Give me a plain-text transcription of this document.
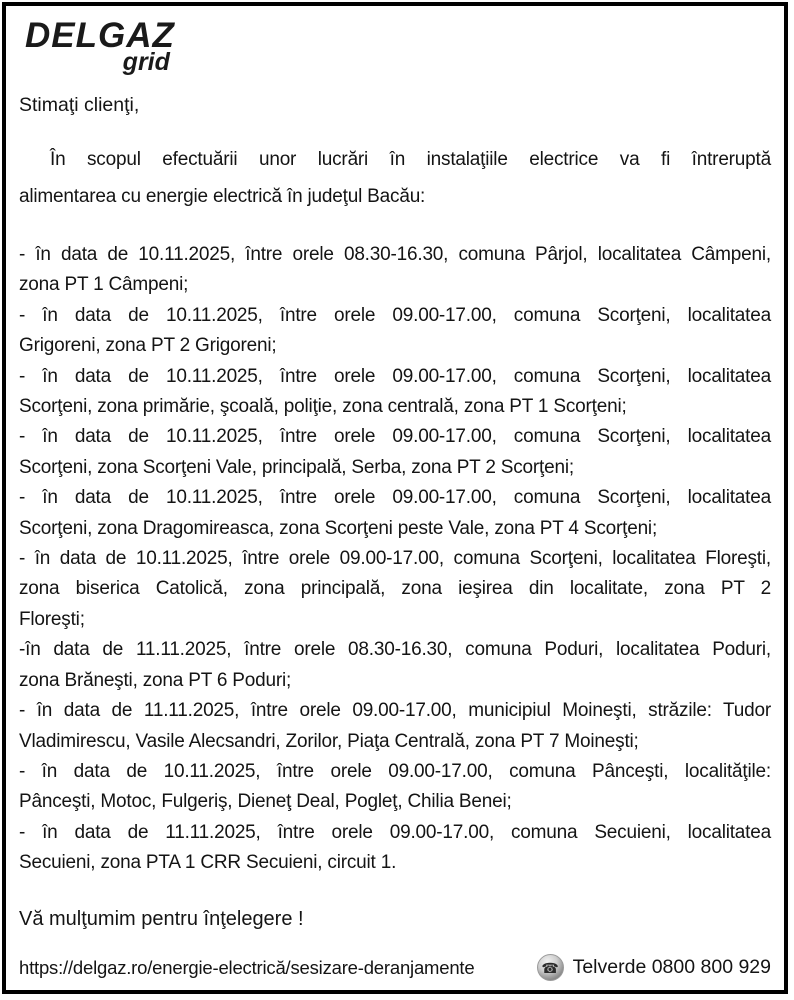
DELGAZ
grid
Stimaţi clienţi,
În scopul efectuării unor lucrări în instalaţiile electrice va fi întreruptă
alimentarea cu energie electrică în judeţul Bacău:
- în data de 10.11.2025, între orele 08.30-16.30, comuna Pârjol, localitatea Câmpeni,
zona PT 1 Câmpeni;
- în data de 10.11.2025, între orele 09.00-17.00, comuna Scorţeni, localitatea
Grigoreni, zona PT 2 Grigoreni;
- în data de 10.11.2025, între orele 09.00-17.00, comuna Scorţeni, localitatea
Scorţeni, zona primărie, şcoală, poliţie, zona centrală, zona PT 1 Scorţeni;
- în data de 10.11.2025, între orele 09.00-17.00, comuna Scorţeni, localitatea
Scorţeni, zona Scorţeni Vale, principală, Serba, zona PT 2 Scorţeni;
- în data de 10.11.2025, între orele 09.00-17.00, comuna Scorţeni, localitatea
Scorţeni, zona Dragomireasca, zona Scorţeni peste Vale, zona PT 4 Scorţeni;
- în data de 10.11.2025, între orele 09.00-17.00, comuna Scorţeni, localitatea Floreşti,
zona biserica Catolică, zona principală, zona ieşirea din localitate, zona PT 2
Floreşti;
-în data de 11.11.2025, între orele 08.30-16.30, comuna Poduri, localitatea Poduri,
zona Brăneşti, zona PT 6 Poduri;
- în data de 11.11.2025, între orele 09.00-17.00, municipiul Moineşti, străzile: Tudor
Vladimirescu, Vasile Alecsandri, Zorilor, Piaţa Centrală, zona PT 7 Moineşti;
- în data de 10.11.2025, între orele 09.00-17.00, comuna Pânceşti, localităţile:
Pânceşti, Motoc, Fulgeriş, Dieneţ Deal, Pogleţ, Chilia Benei;
- în data de 11.11.2025, între orele 09.00-17.00, comuna Secuieni, localitatea
Secuieni, zona PTA 1 CRR Secuieni, circuit 1.
Vă mulţumim pentru înţelegere !
https://delgaz.ro/energie-electrică/sesizare-deranjamente	☎ Telverde 0800 800 929
